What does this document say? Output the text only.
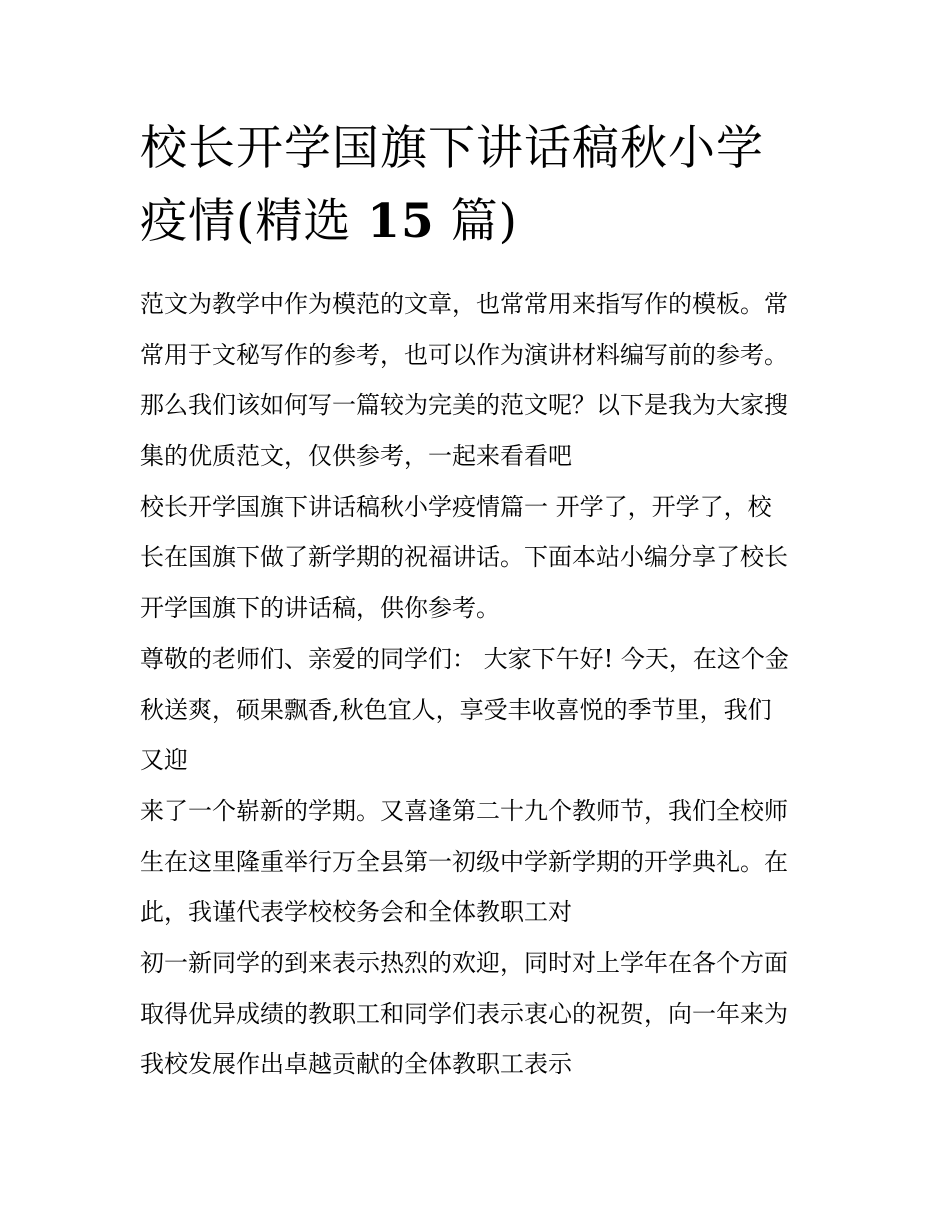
校长开学国旗下讲话稿秋小学
疫情(精选 15 篇)
范文为教学中作为模范的文章，也常常用来指写作的模板。常
常用于文秘写作的参考，也可以作为演讲材料编写前的参考。
那么我们该如何写一篇较为完美的范文呢？以下是我为大家搜
集的优质范文，仅供参考，一起来看看吧
校长开学国旗下讲话稿秋小学疫情篇一 开学了，开学了，校
长在国旗下做了新学期的祝福讲话。下面本站小编分享了校长
开学国旗下的讲话稿，供你参考。
尊敬的老师们、亲爱的同学们： 大家下午好! 今天，在这个金
秋送爽，硕果飘香,秋色宜人，享受丰收喜悦的季节里，我们
又迎
来了一个崭新的学期。又喜逢第二十九个教师节，我们全校师
生在这里隆重举行万全县第一初级中学新学期的开学典礼。在
此，我谨代表学校校务会和全体教职工对
初一新同学的到来表示热烈的欢迎，同时对上学年在各个方面
取得优异成绩的教职工和同学们表示衷心的祝贺，向一年来为
我校发展作出卓越贡献的全体教职工表示
